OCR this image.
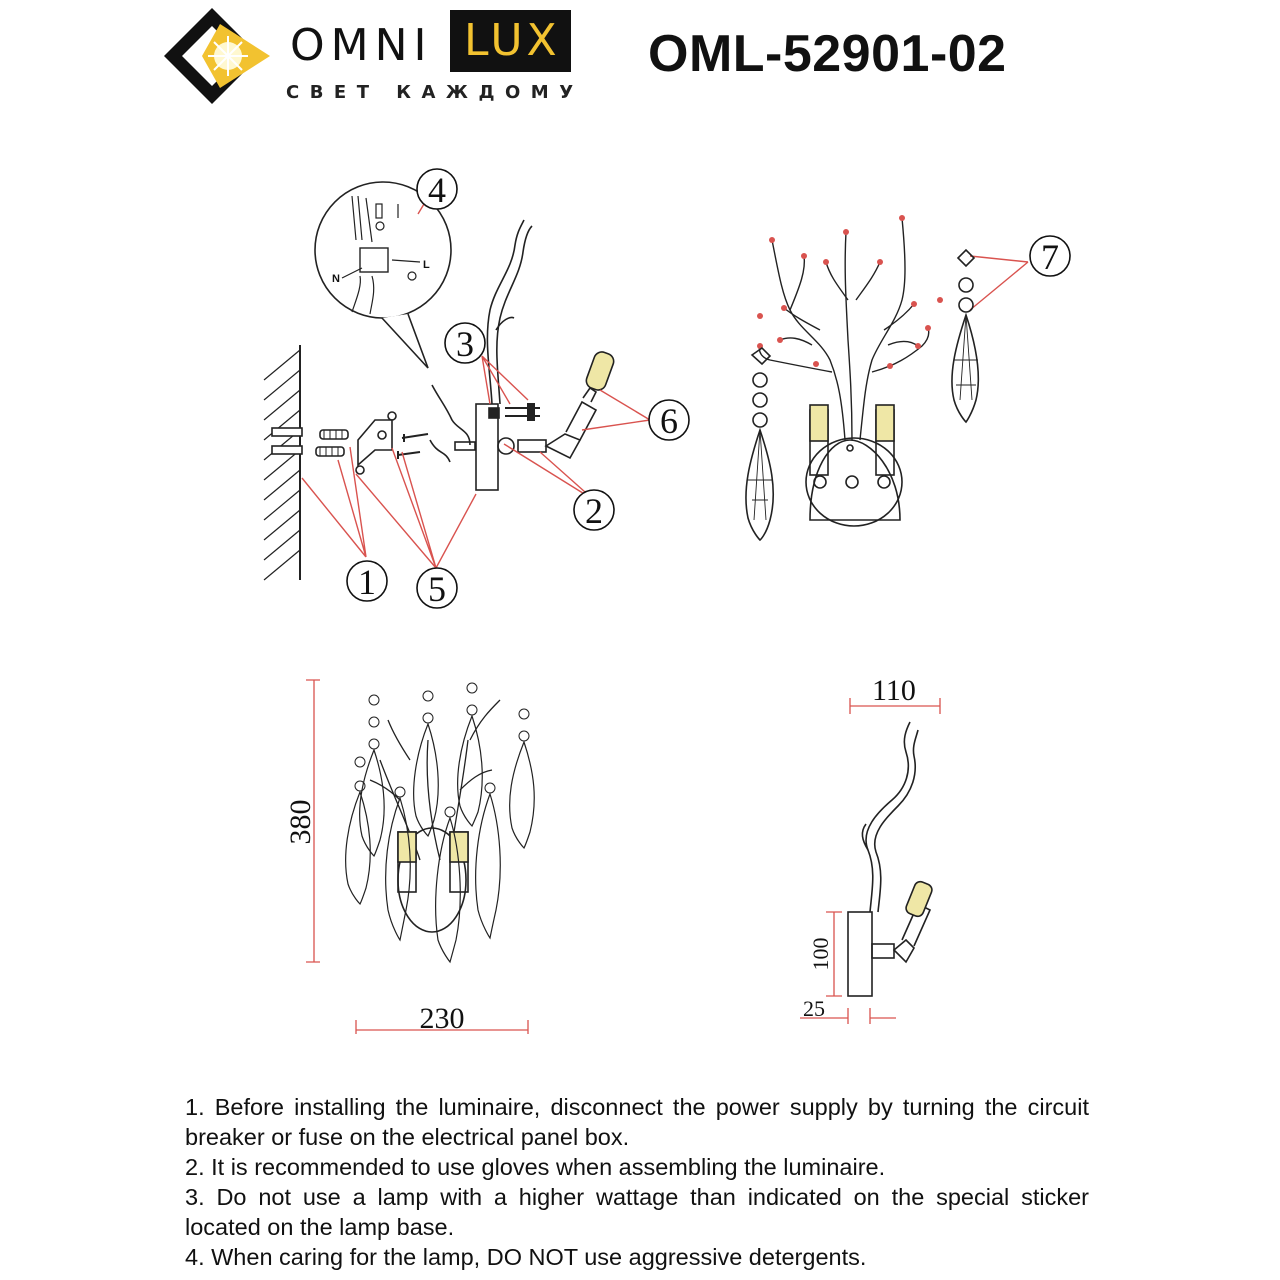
OMNI LUX
СВЕТ КАЖДОМУ
OML-52901-02
N
L
1
2
3
4
5
6
7
380
230
110
100
25

1. Before installing the luminaire, disconnect the power supply by turning the circuit breaker or fuse on the electrical panel box.

2. It is recommended to use gloves when assembling the luminaire.

3. Do not use a lamp with a higher wattage than indicated on the special sticker located on the lamp base.

4. When caring for the lamp, DO NOT use aggressive detergents.
